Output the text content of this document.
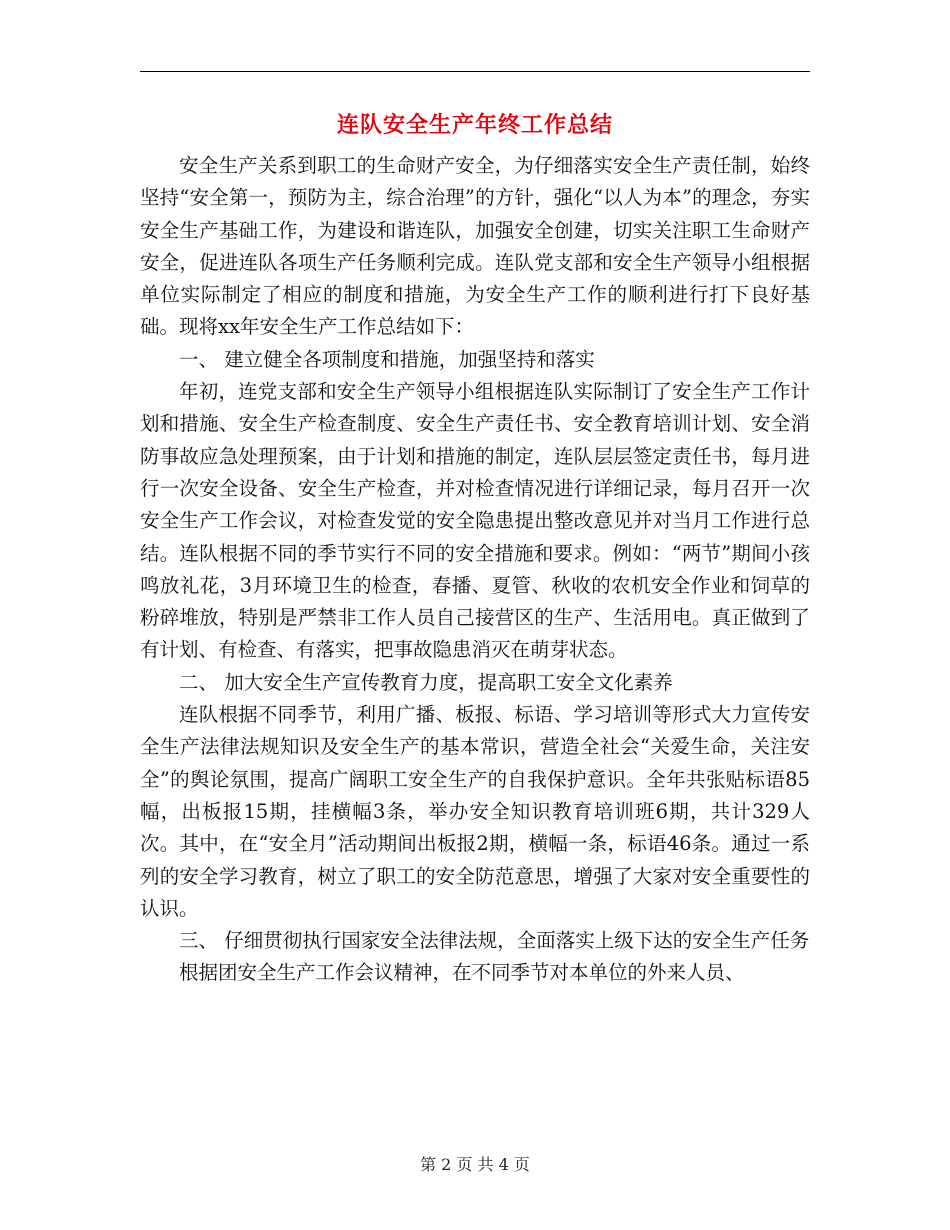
连队安全生产年终工作总结

安全生产关系到职工的生命财产安全，为仔细落实安全生产责任制，始终坚持“安全第一，预防为主，综合治理”的方针，强化“以人为本”的理念，夯实安全生产基础工作，为建设和谐连队，加强安全创建，切实关注职工生命财产安全，促进连队各项生产任务顺利完成。连队党支部和安全生产领导小组根据单位实际制定了相应的制度和措施，为安全生产工作的顺利进行打下良好基础。现将xx年安全生产工作总结如下：

一、 建立健全各项制度和措施，加强坚持和落实

年初，连党支部和安全生产领导小组根据连队实际制订了安全生产工作计划和措施、安全生产检查制度、安全生产责任书、安全教育培训计划、安全消防事故应急处理预案，由于计划和措施的制定，连队层层签定责任书，每月进行一次安全设备、安全生产检查，并对检查情况进行详细记录，每月召开一次安全生产工作会议，对检查发觉的安全隐患提出整改意见并对当月工作进行总结。连队根据不同的季节实行不同的安全措施和要求。例如：“两节”期间小孩鸣放礼花，3月环境卫生的检查，春播、夏管、秋收的农机安全作业和饲草的粉碎堆放，特别是严禁非工作人员自己接营区的生产、生活用电。真正做到了有计划、有检查、有落实，把事故隐患消灭在萌芽状态。

二、 加大安全生产宣传教育力度，提高职工安全文化素养

连队根据不同季节，利用广播、板报、标语、学习培训等形式大力宣传安全生产法律法规知识及安全生产的基本常识，营造全社会“关爱生命，关注安全”的舆论氛围，提高广阔职工安全生产的自我保护意识。全年共张贴标语85幅，出板报15期，挂横幅3条，举办安全知识教育培训班6期，共计329人次。其中，在“安全月”活动期间出板报2期，横幅一条，标语46条。通过一系列的安全学习教育，树立了职工的安全防范意思，增强了大家对安全重要性的认识。

三、 仔细贯彻执行国家安全法律法规，全面落实上级下达的安全生产任务

根据团安全生产工作会议精神，在不同季节对本单位的外来人员、

第 2 页 共 4 页
